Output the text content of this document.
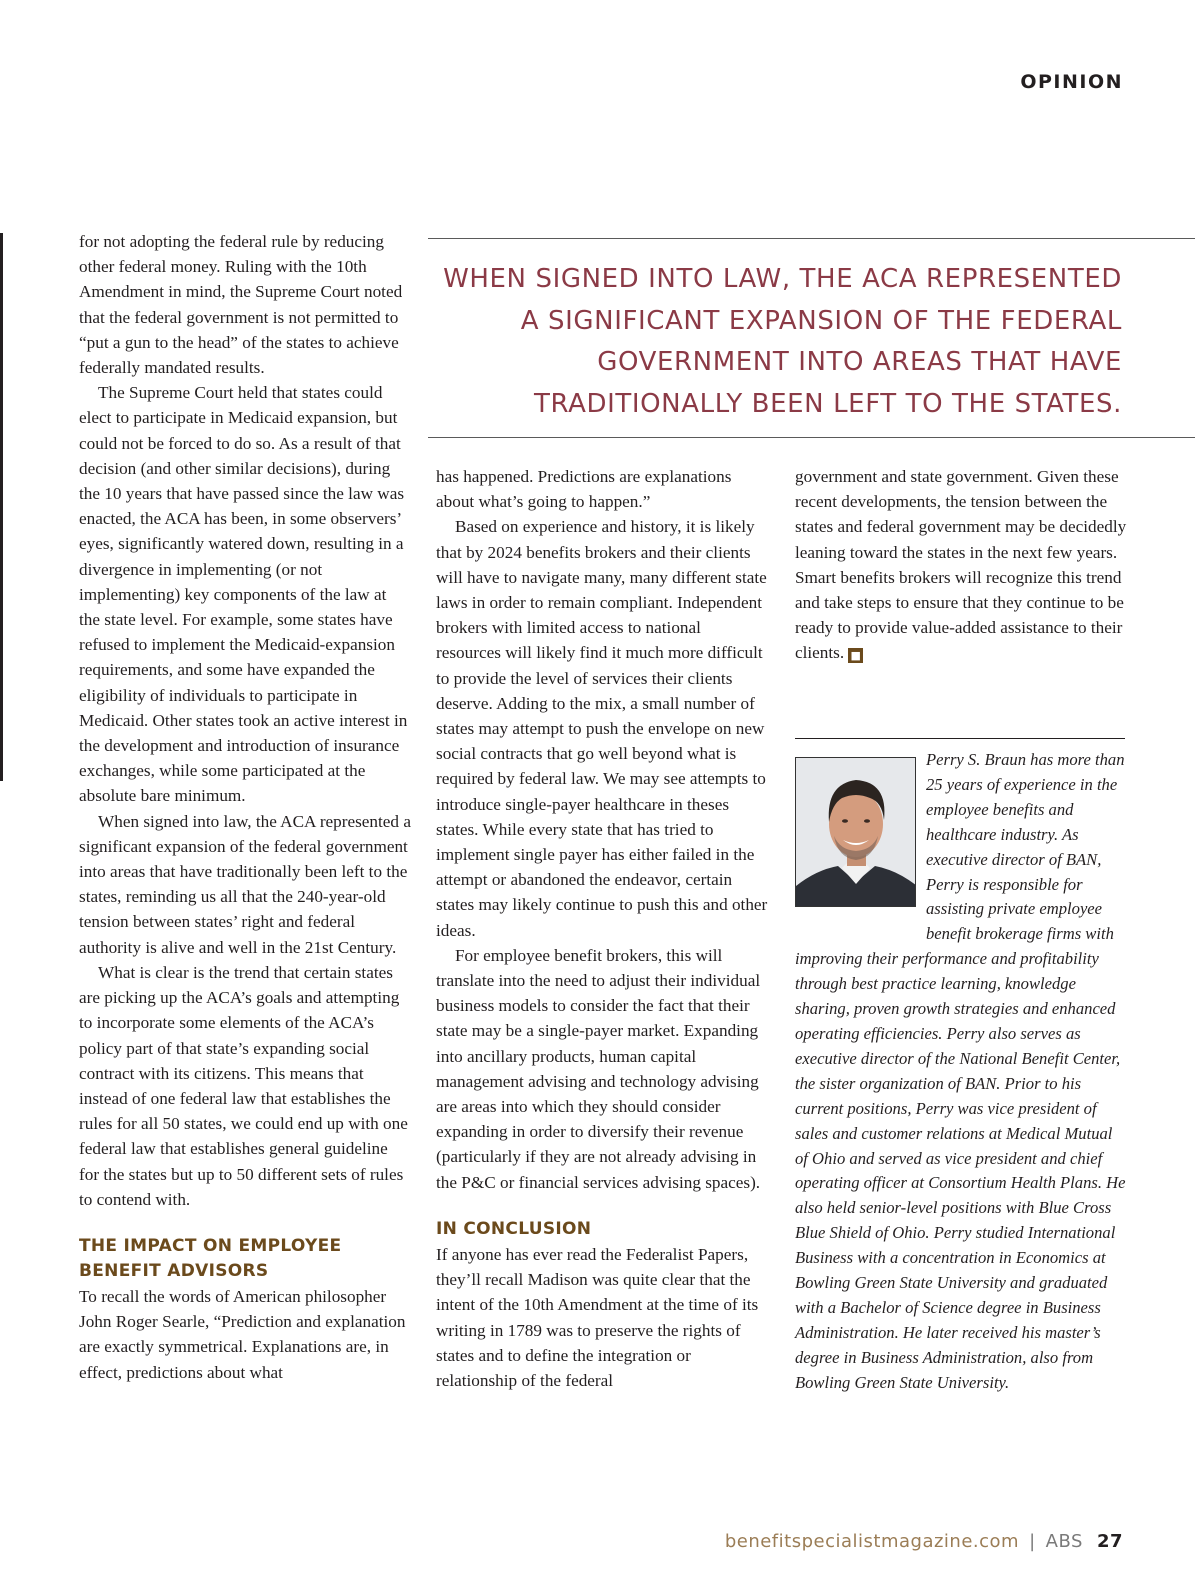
OPINION

WHEN SIGNED INTO LAW, THE ACA REPRESENTED
A SIGNIFICANT EXPANSION OF THE FEDERAL
GOVERNMENT INTO AREAS THAT HAVE
TRADITIONALLY BEEN LEFT TO THE STATES.

for not adopting the federal rule by reducing other federal money. Ruling with the 10th Amendment in mind, the Supreme Court noted that the federal government is not permitted to “put a gun to the head” of the states to achieve federally mandated results.

The Supreme Court held that states could elect to participate in Medicaid expansion, but could not be forced to do so. As a result of that decision (and other similar decisions), during the 10 years that have passed since the law was enacted, the ACA has been, in some observers’ eyes, significantly watered down, resulting in a divergence in implementing (or not implementing) key components of the law at the state level. For example, some states have refused to implement the Medicaid-expansion requirements, and some have expanded the eligibility of individuals to participate in Medicaid. Other states took an active interest in the development and introduction of insurance exchanges, while some participated at the absolute bare minimum.

When signed into law, the ACA represented a significant expansion of the federal government into areas that have traditionally been left to the states, reminding us all that the 240-year-old tension between states’ right and federal authority is alive and well in the 21st Century.

What is clear is the trend that certain states are picking up the ACA’s goals and attempting to incorporate some elements of the ACA’s policy part of that state’s expanding social contract with its citizens. This means that instead of one federal law that establishes the rules for all 50 states, we could end up with one federal law that establishes general guideline for the states but up to 50 different sets of rules to contend with.

THE IMPACT ON EMPLOYEE
BENEFIT ADVISORS

To recall the words of American philosopher John Roger Searle, “Prediction and explanation are exactly symmetrical. Explanations are, in effect, predictions about what

has happened. Predictions are explanations about what’s going to happen.”

Based on experience and history, it is likely that by 2024 benefits brokers and their clients will have to navigate many, many different state laws in order to remain compliant. Independent brokers with limited access to national resources will likely find it much more difficult to provide the level of services their clients deserve. Adding to the mix, a small number of states may attempt to push the envelope on new social contracts that go well beyond what is required by federal law. We may see attempts to introduce single-payer healthcare in theses states. While every state that has tried to implement single payer has either failed in the attempt or abandoned the endeavor, certain states may likely continue to push this and other ideas.

For employee benefit brokers, this will translate into the need to adjust their individual business models to consider the fact that their state may be a single-payer market. Expanding into ancillary products, human capital management advising and technology advising are areas into which they should consider expanding in order to diversify their revenue (particularly if they are not already advising in the P&C or financial services advising spaces).

IN CONCLUSION

If anyone has ever read the Federalist Papers, they’ll recall Madison was quite clear that the intent of the 10th Amendment at the time of its writing in 1789 was to preserve the rights of states and to define the integration or relationship of the federal

government and state government. Given these recent developments, the tension between the states and federal government may be decidedly leaning toward the states in the next few years. Smart benefits brokers will recognize this trend and take steps to ensure that they continue to be ready to provide value-added assistance to their clients. ■

Perry S. Braun has more than 25 years of experience in the employee benefits and healthcare industry. As executive director of BAN, Perry is responsible for assisting private employee benefit brokerage firms with improving their performance and profitability through best practice learning, knowledge sharing, proven growth strategies and enhanced operating efficiencies. Perry also serves as executive director of the National Benefit Center, the sister organization of BAN. Prior to his current positions, Perry was vice president of sales and customer relations at Medical Mutual of Ohio and served as vice president and chief operating officer at Consortium Health Plans. He also held senior-level positions with Blue Cross Blue Shield of Ohio. Perry studied International Business with a concentration in Economics at Bowling Green State University and graduated with a Bachelor of Science degree in Business Administration. He later received his master’s degree in Business Administration, also from Bowling Green State University.

benefitspecialistmagazine.com | ABS 27
